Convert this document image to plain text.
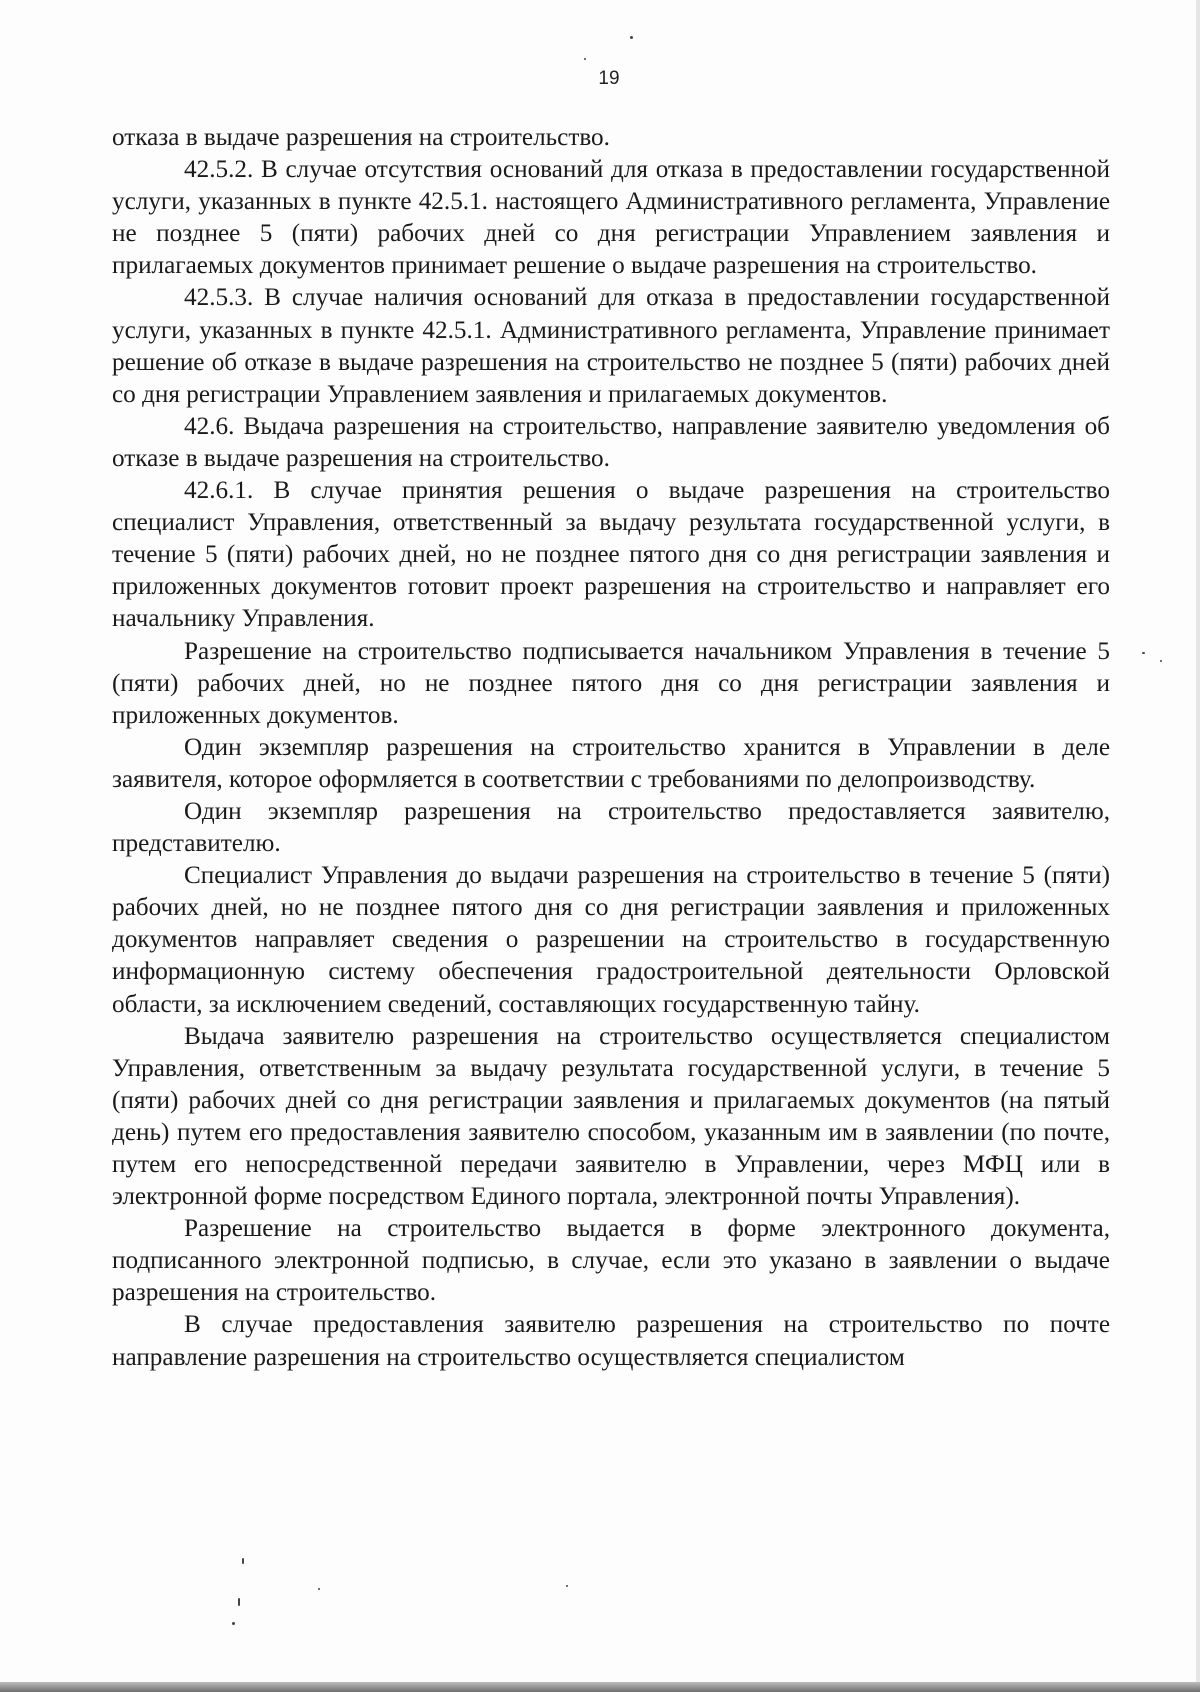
19

отказа в выдаче разрешения на строительство.

42.5.2. В случае отсутствия оснований для отказа в предоставлении государственной услуги, указанных в пункте 42.5.1. настоящего Административного регламента, Управление не позднее 5 (пяти) рабочих дней со дня регистрации Управлением заявления и прилагаемых документов принимает решение о выдаче разрешения на строительство.

42.5.3. В случае наличия оснований для отказа в предоставлении государственной услуги, указанных в пункте 42.5.1. Административного регламента, Управление принимает решение об отказе в выдаче разрешения на строительство не позднее 5 (пяти) рабочих дней со дня регистрации Управлением заявления и прилагаемых документов.

42.6. Выдача разрешения на строительство, направление заявителю уведомления об отказе в выдаче разрешения на строительство.

42.6.1. В случае принятия решения о выдаче разрешения на строительство специалист Управления, ответственный за выдачу результата государственной услуги, в течение 5 (пяти) рабочих дней, но не позднее пятого дня со дня регистрации заявления и приложенных документов готовит проект разрешения на строительство и направляет его начальнику Управления.

Разрешение на строительство подписывается начальником Управления в течение 5 (пяти) рабочих дней, но не позднее пятого дня со дня регистрации заявления и приложенных документов.

Один экземпляр разрешения на строительство хранится в Управлении в деле заявителя, которое оформляется в соответствии с требованиями по делопроизводству.

Один экземпляр разрешения на строительство предоставляется заявителю, представителю.

Специалист Управления до выдачи разрешения на строительство в течение 5 (пяти) рабочих дней, но не позднее пятого дня со дня регистрации заявления и приложенных документов направляет сведения о разрешении на строительство в государственную информационную систему обеспечения градостроительной деятельности Орловской области, за исключением сведений, составляющих государственную тайну.

Выдача заявителю разрешения на строительство осуществляется специалистом Управления, ответственным за выдачу результата государственной услуги, в течение 5 (пяти) рабочих дней со дня регистрации заявления и прилагаемых документов (на пятый день) путем его предоставления заявителю способом, указанным им в заявлении (по почте, путем его непосредственной передачи заявителю в Управлении, через МФЦ или в электронной форме посредством Единого портала, электронной почты Управления).

Разрешение на строительство выдается в форме электронного документа, подписанного электронной подписью, в случае, если это указано в заявлении о выдаче разрешения на строительство.

В случае предоставления заявителю разрешения на строительство по почте направление разрешения на строительство осуществляется специалистом
